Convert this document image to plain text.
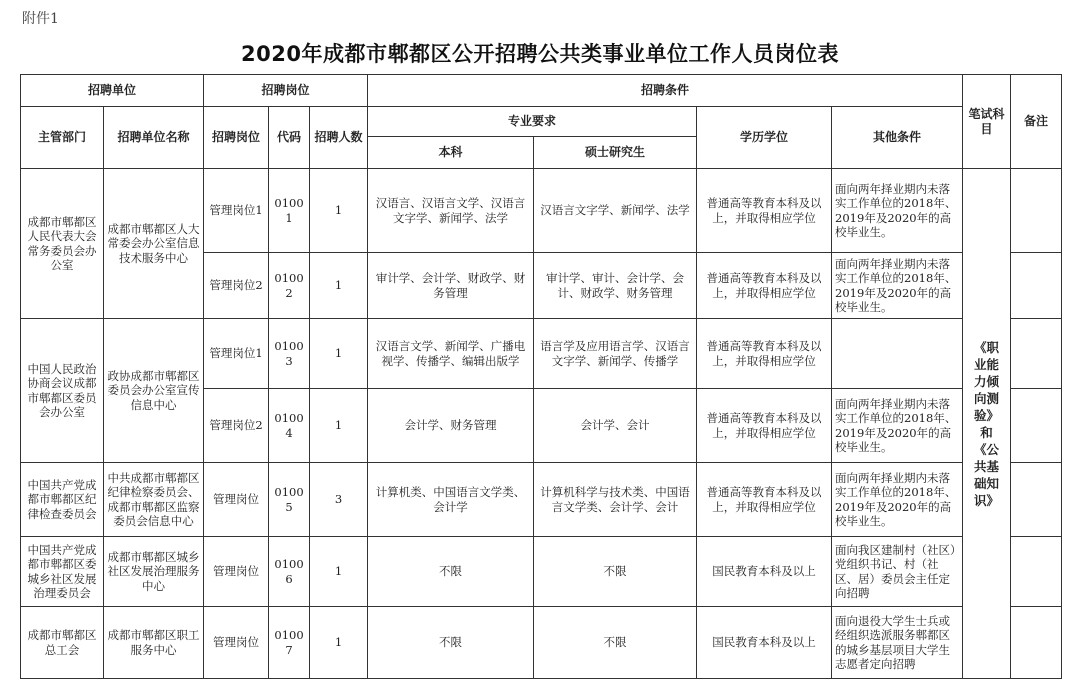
附件1
2020年成都市郫都区公开招聘公共类事业单位工作人员岗位表
招聘单位		招聘岗位			招聘条件				笔试科目	备注
主管部门	招聘单位名称	招聘岗位	代码	招聘人数	专业要求		学历学位	其他条件		
					本科	硕士研究生				
成都市郫都区人民代表大会常务委员会办公室	成都市郫都区人大常委会办公室信息技术服务中心	管理岗位1	01001	1	汉语言、汉语言文学、汉语言文字学、新闻学、法学	汉语言文字学、新闻学、法学	普通高等教育本科及以上，并取得相应学位	面向两年择业期内未落实工作单位的2018年、2019年及2020年的高校毕业生。	《职业能力倾向测验》和《公共基础知识》	
		管理岗位2	01002	1	审计学、会计学、财政学、财务管理	审计学、审计、会计学、会计、财政学、财务管理	普通高等教育本科及以上，并取得相应学位	面向两年择业期内未落实工作单位的2018年、2019年及2020年的高校毕业生。		
中国人民政治协商会议成都市郫都区委员会办公室	政协成都市郫都区委员会办公室宣传信息中心	管理岗位1	01003	1	汉语言文学、新闻学、广播电视学、传播学、编辑出版学	语言学及应用语言学、汉语言文字学、新闻学、传播学	普通高等教育本科及以上，并取得相应学位			
		管理岗位2	01004	1	会计学、财务管理	会计学、会计	普通高等教育本科及以上，并取得相应学位	面向两年择业期内未落实工作单位的2018年、2019年及2020年的高校毕业生。		
中国共产党成都市郫都区纪律检查委员会	中共成都市郫都区纪律检察委员会、成都市郫都区监察委员会信息中心	管理岗位	01005	3	计算机类、中国语言文学类、会计学	计算机科学与技术类、中国语言文学类、会计学、会计	普通高等教育本科及以上，并取得相应学位	面向两年择业期内未落实工作单位的2018年、2019年及2020年的高校毕业生。		
中国共产党成都市郫都区委城乡社区发展治理委员会	成都市郫都区城乡社区发展治理服务中心	管理岗位	01006	1	不限	不限	国民教育本科及以上	面向我区建制村（社区）党组织书记、村（社区、居）委员会主任定向招聘		
成都市郫都区总工会	成都市郫都区职工服务中心	管理岗位	01007	1	不限	不限	国民教育本科及以上	面向退役大学生士兵或经组织选派服务郫都区的城乡基层项目大学生志愿者定向招聘		
